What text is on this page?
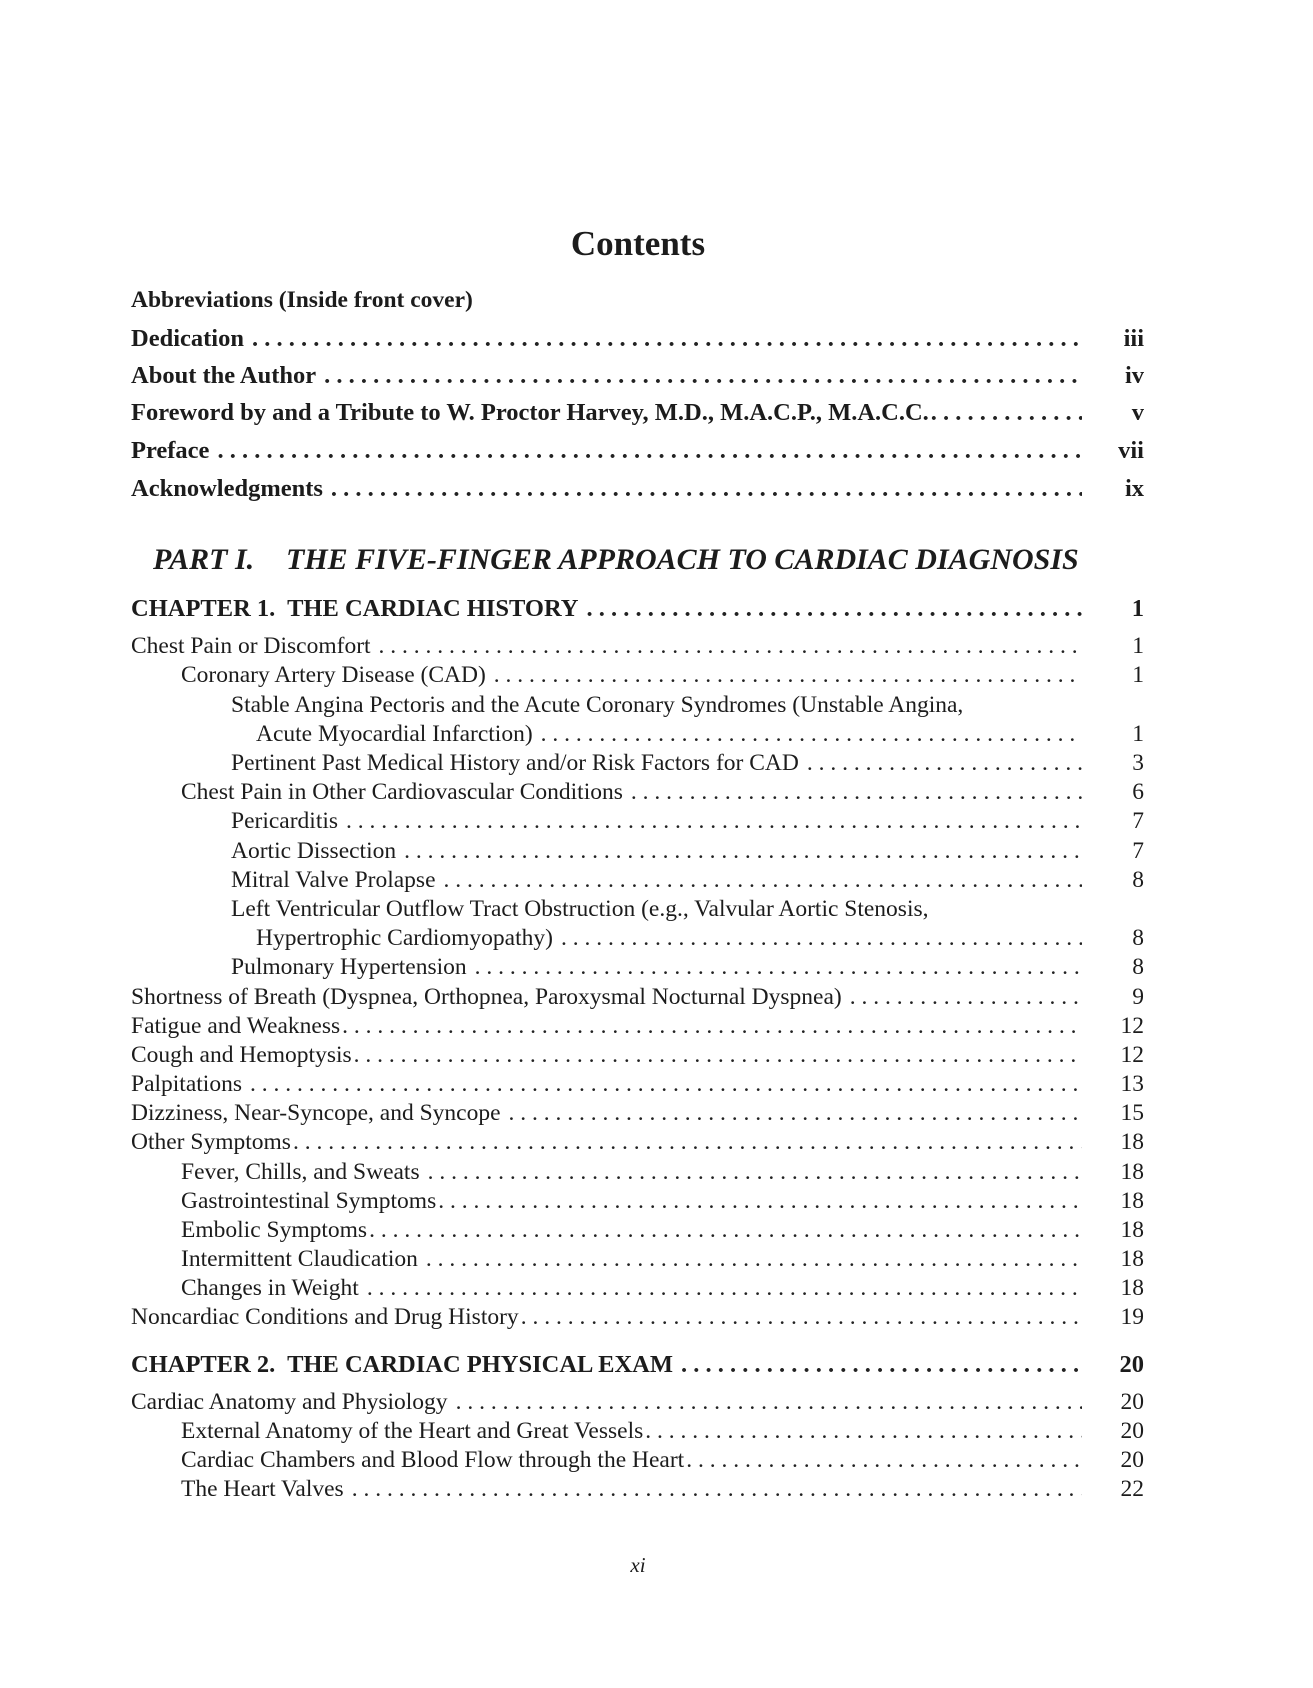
Contents
Abbreviations (Inside front cover)
Dedication . . .	iii
About the Author . . .	iv
Foreword by and a Tribute to W. Proctor Harvey, M.D., M.A.C.P., M.A.C.C. . . .	v
Preface . . .	vii
Acknowledgments . . .	ix
PART I. THE FIVE-FINGER APPROACH TO CARDIAC DIAGNOSIS
CHAPTER 1.  THE CARDIAC HISTORY . . .	1
Chest Pain or Discomfort . . .	1
Coronary Artery Disease (CAD) . . .	1
Stable Angina Pectoris and the Acute Coronary Syndromes (Unstable Angina,
Acute Myocardial Infarction) . . .	1
Pertinent Past Medical History and/or Risk Factors for CAD . . .	3
Chest Pain in Other Cardiovascular Conditions . . .	6
Pericarditis . . .	7
Aortic Dissection . . .	7
Mitral Valve Prolapse . . .	8
Left Ventricular Outflow Tract Obstruction (e.g., Valvular Aortic Stenosis,
Hypertrophic Cardiomyopathy) . . .	8
Pulmonary Hypertension . . .	8
Shortness of Breath (Dyspnea, Orthopnea, Paroxysmal Nocturnal Dyspnea) . . .	9
Fatigue and Weakness . . .	12
Cough and Hemoptysis . . .	12
Palpitations . . .	13
Dizziness, Near-Syncope, and Syncope . . .	15
Other Symptoms . . .	18
Fever, Chills, and Sweats . . .	18
Gastrointestinal Symptoms . . .	18
Embolic Symptoms . . .	18
Intermittent Claudication . . .	18
Changes in Weight . . .	18
Noncardiac Conditions and Drug History . . .	19
CHAPTER 2.  THE CARDIAC PHYSICAL EXAM . . .	20
Cardiac Anatomy and Physiology . . .	20
External Anatomy of the Heart and Great Vessels . . .	20
Cardiac Chambers and Blood Flow through the Heart . . .	20
The Heart Valves . . .	22
xi
